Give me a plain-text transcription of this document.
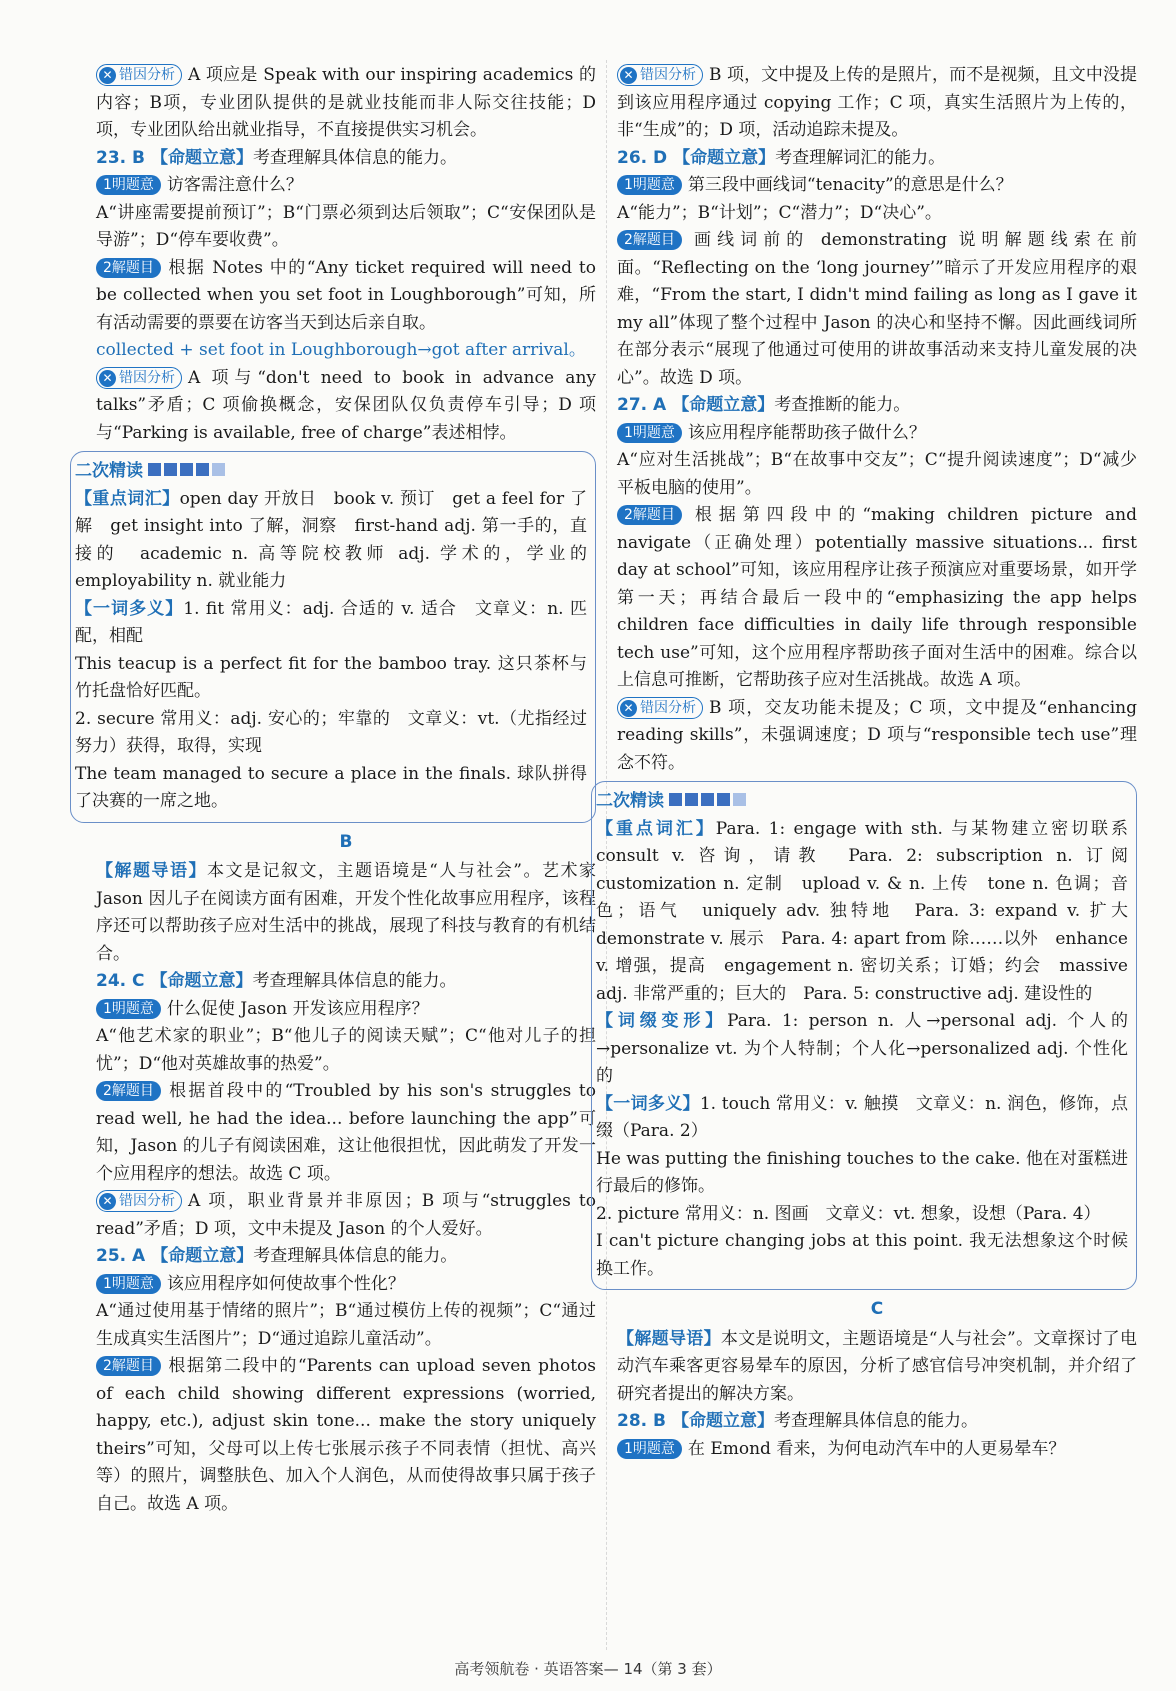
✕ 错因分析 A 项应是 Speak with our inspiring academics 的内容；B项，专业团队提供的是就业技能而非人际交往技能；D 项，专业团队给出就业指导，不直接提供实习机会。

23. B 【命题立意】考查理解具体信息的能力。

1明题意 访客需注意什么？

A“讲座需要提前预订”；B“门票必须到达后领取”；C“安保团队是导游”；D“停车要收费”。

2解题目 根据 Notes 中的“Any ticket required will need to be collected when you set foot in Loughborough”可知，所有活动需要的票要在访客当天到达后亲自取。

collected + set foot in Loughborough→got after arrival。

✕ 错因分析 A 项与“don't need to book in advance any talks”矛盾；C 项偷换概念，安保团队仅负责停车引导；D 项与“Parking is available, free of charge”表述相悖。

二次精读

【重点词汇】open day 开放日　book v. 预订　get a feel for 了解　get insight into 了解，洞察　first-hand adj. 第一手的，直接的　academic n. 高等院校教师 adj. 学术的，学业的　employability n. 就业能力

【一词多义】1. fit 常用义：adj. 合适的 v. 适合　文章义：n. 匹配，相配

This teacup is a perfect fit for the bamboo tray. 这只茶杯与竹托盘恰好匹配。

2. secure 常用义：adj. 安心的；牢靠的　文章义：vt.（尤指经过努力）获得，取得，实现

The team managed to secure a place in the finals. 球队拼得了决赛的一席之地。

B

【解题导语】本文是记叙文，主题语境是“人与社会”。艺术家 Jason 因儿子在阅读方面有困难，开发个性化故事应用程序，该程序还可以帮助孩子应对生活中的挑战，展现了科技与教育的有机结合。

24. C 【命题立意】考查理解具体信息的能力。

1明题意 什么促使 Jason 开发该应用程序？

A“他艺术家的职业”；B“他儿子的阅读天赋”；C“他对儿子的担忧”；D“他对英雄故事的热爱”。

2解题目 根据首段中的“Troubled by his son's struggles to read well, he had the idea... before launching the app”可知，Jason 的儿子有阅读困难，这让他很担忧，因此萌发了开发一个应用程序的想法。故选 C 项。

✕ 错因分析 A 项，职业背景并非原因；B 项与“struggles to read”矛盾；D 项，文中未提及 Jason 的个人爱好。

25. A 【命题立意】考查理解具体信息的能力。

1明题意 该应用程序如何使故事个性化？

A“通过使用基于情绪的照片”；B“通过模仿上传的视频”；C“通过生成真实生活图片”；D“通过追踪儿童活动”。

2解题目 根据第二段中的“Parents can upload seven photos of each child showing different expressions (worried, happy, etc.), adjust skin tone... make the story uniquely theirs”可知，父母可以上传七张展示孩子不同表情（担忧、高兴等）的照片，调整肤色、加入个人润色，从而使得故事只属于孩子自己。故选 A 项。

✕ 错因分析 B 项，文中提及上传的是照片，而不是视频，且文中没提到该应用程序通过 copying 工作；C 项，真实生活照片为上传的，非“生成”的；D 项，活动追踪未提及。

26. D 【命题立意】考查理解词汇的能力。

1明题意 第三段中画线词“tenacity”的意思是什么？

A“能力”；B“计划”；C“潜力”；D“决心”。

2解题目 画线词前的 demonstrating 说明解题线索在前面。“Reflecting on the ‘long journey’”暗示了开发应用程序的艰难，“From the start, I didn't mind failing as long as I gave it my all”体现了整个过程中 Jason 的决心和坚持不懈。因此画线词所在部分表示“展现了他通过可使用的讲故事活动来支持儿童发展的决心”。故选 D 项。

27. A 【命题立意】考查推断的能力。

1明题意 该应用程序能帮助孩子做什么？

A“应对生活挑战”；B“在故事中交友”；C“提升阅读速度”；D“减少平板电脑的使用”。

2解题目 根据第四段中的“making children picture and navigate（正确处理）potentially massive situations... first day at school”可知，该应用程序让孩子预演应对重要场景，如开学第一天；再结合最后一段中的“emphasizing the app helps children face difficulties in daily life through responsible tech use”可知，这个应用程序帮助孩子面对生活中的困难。综合以上信息可推断，它帮助孩子应对生活挑战。故选 A 项。

✕ 错因分析 B 项，交友功能未提及；C 项，文中提及“enhancing reading skills”，未强调速度；D 项与“responsible tech use”理念不符。

二次精读

【重点词汇】Para. 1: engage with sth. 与某物建立密切联系　consult v. 咨询，请教　Para. 2: subscription n. 订阅　customization n. 定制　upload v. & n. 上传　tone n. 色调；音色；语气　uniquely adv. 独特地　Para. 3: expand v. 扩大　demonstrate v. 展示　Para. 4: apart from 除……以外　enhance v. 增强，提高　engagement n. 密切关系；订婚；约会　massive adj. 非常严重的；巨大的　Para. 5: constructive adj. 建设性的

【词缀变形】Para. 1: person n. 人→personal adj. 个人的→personalize vt. 为个人特制；个人化→personalized adj. 个性化的

【一词多义】1. touch 常用义：v. 触摸　文章义：n. 润色，修饰，点缀（Para. 2）

He was putting the finishing touches to the cake. 他在对蛋糕进行最后的修饰。

2. picture 常用义：n. 图画　文章义：vt. 想象，设想（Para. 4）

I can't picture changing jobs at this point. 我无法想象这个时候换工作。

C

【解题导语】本文是说明文，主题语境是“人与社会”。文章探讨了电动汽车乘客更容易晕车的原因，分析了感官信号冲突机制，并介绍了研究者提出的解决方案。

28. B 【命题立意】考查理解具体信息的能力。

1明题意 在 Emond 看来，为何电动汽车中的人更易晕车？

高考领航卷 · 英语答案— 14（第 3 套）
